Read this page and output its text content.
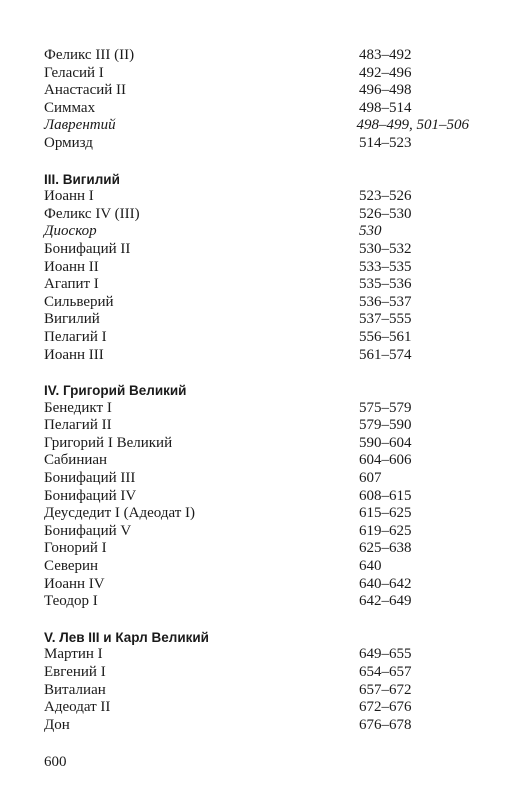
Феликс III (II)	483–492
Геласий I	492–496
Анастасий II	496–498
Симмах	498–514
Лаврентий	498–499, 501–506
Ормизд	514–523
III. Вигилий
Иоанн I	523–526
Феликс IV (III)	526–530
Диоскор	530
Бонифаций II	530–532
Иоанн II	533–535
Агапит I	535–536
Сильверий	536–537
Вигилий	537–555
Пелагий I	556–561
Иоанн III	561–574
IV. Григорий Великий
Бенедикт I	575–579
Пелагий II	579–590
Григорий I Великий	590–604
Сабиниан	604–606
Бонифаций III	607
Бонифаций IV	608–615
Деусдедит I (Адеодат I)	615–625
Бонифаций V	619–625
Гонорий I	625–638
Северин	640
Иоанн IV	640–642
Теодор I	642–649
V. Лев III и Карл Великий
Мартин I	649–655
Евгений I	654–657
Виталиан	657–672
Адеодат II	672–676
Дон	676–678
600
